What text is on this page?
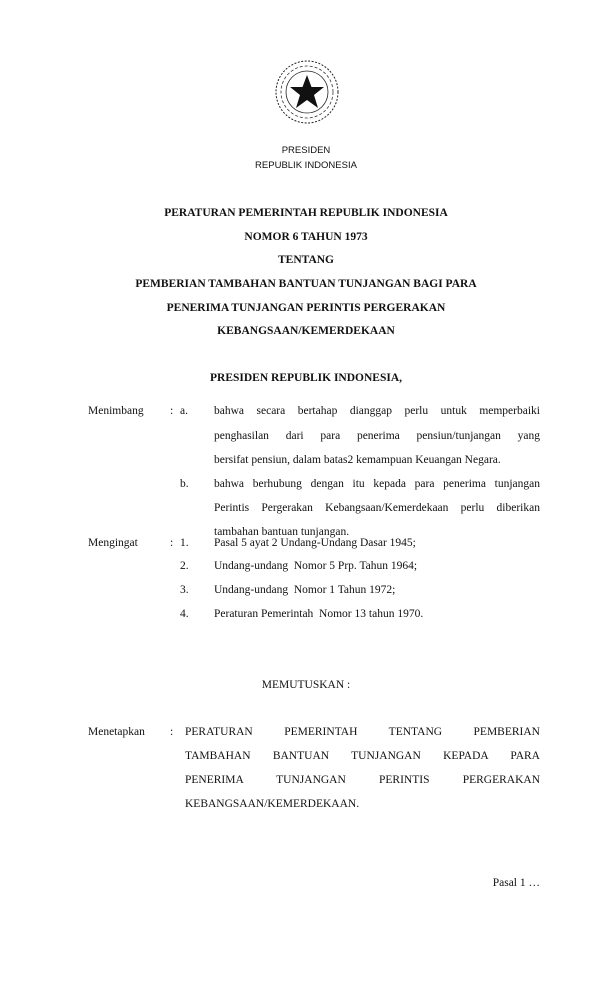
PRESIDEN
REPUBLIK INDONESIA
PERATURAN PEMERINTAH REPUBLIK INDONESIA
NOMOR 6 TAHUN 1973
TENTANG
PEMBERIAN TAMBAHAN BANTUAN TUNJANGAN BAGI PARA
PENERIMA TUNJANGAN PERINTIS PERGERAKAN
KEBANGSAAN/KEMERDEKAAN
PRESIDEN REPUBLIK INDONESIA,
Menimbang : a. bahwa secara bertahap dianggap perlu untuk memperbaiki
penghasilan dari para penerima pensiun/tunjangan yang
bersifat pensiun, dalam batas2 kemampuan Keuangan Negara.
b. bahwa berhubung dengan itu kepada para penerima tunjangan
Perintis Pergerakan Kebangsaan/Kemerdekaan perlu diberikan
tambahan bantuan tunjangan.
Mengingat	: 1. Pasal 5 ayat 2 Undang-Undang Dasar 1945;
2. Undang-undang  Nomor 5 Prp. Tahun 1964;
3. Undang-undang  Nomor 1 Tahun 1972;
4. Peraturan Pemerintah  Nomor 13 tahun 1970.
MEMUTUSKAN :
Menetapkan : PERATURAN PEMERINTAH TENTANG PEMBERIAN
TAMBAHAN BANTUAN TUNJANGAN KEPADA PARA
PENERIMA TUNJANGAN PERINTIS PERGERAKAN
KEBANGSAAN/KEMERDEKAAN.
Pasal 1 …
